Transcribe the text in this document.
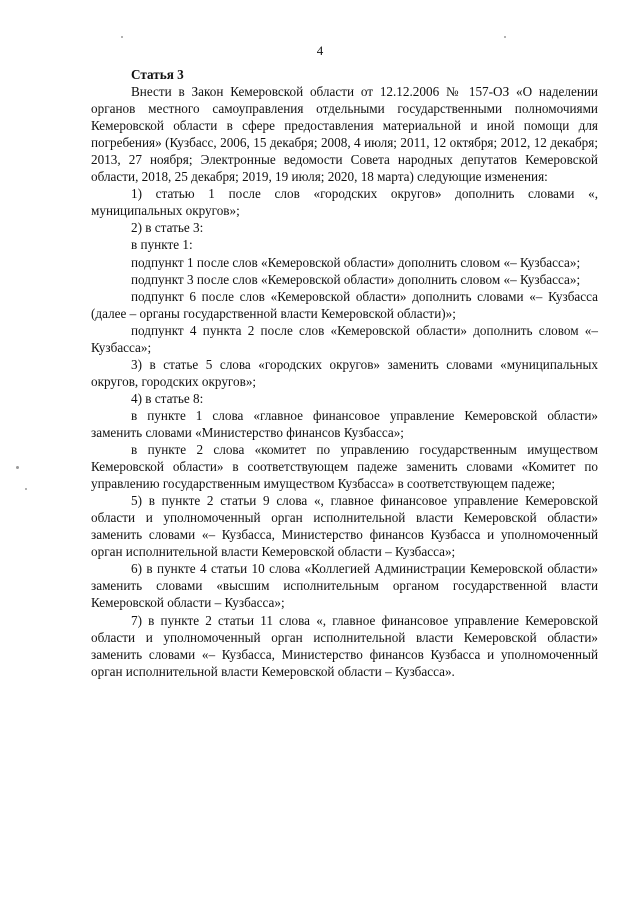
4

Статья 3

Внести в Закон Кемеровской области от 12.12.2006 № 157-ОЗ «О наделении органов местного самоуправления отдельными государственными полномочиями Кемеровской области в сфере предоставления материальной и иной помощи для погребения» (Кузбасс, 2006, 15 декабря; 2008, 4 июля; 2011, 12 октября; 2012, 12 декабря; 2013, 27 ноября; Электронные ведомости Совета народных депутатов Кемеровской области, 2018, 25 декабря; 2019, 19 июля; 2020, 18 марта) следующие изменения:

1) статью 1 после слов «городских округов» дополнить словами «, муниципальных округов»;

2) в статье 3:

в пункте 1:

подпункт 1 после слов «Кемеровской области» дополнить словом «– Кузбасса»;

подпункт 3 после слов «Кемеровской области» дополнить словом «– Кузбасса»;

подпункт 6 после слов «Кемеровской области» дополнить словами «– Кузбасса (далее – органы государственной власти Кемеровской области)»;

подпункт 4 пункта 2 после слов «Кемеровской области» дополнить словом «– Кузбасса»;

3) в статье 5 слова «городских округов» заменить словами «муниципальных округов, городских округов»;

4) в статье 8:

в пункте 1 слова «главное финансовое управление Кемеровской области» заменить словами «Министерство финансов Кузбасса»;

в пункте 2 слова «комитет по управлению государственным имуществом Кемеровской области» в соответствующем падеже заменить словами «Комитет по управлению государственным имуществом Кузбасса» в соответствующем падеже;

5) в пункте 2 статьи 9 слова «, главное финансовое управление Кемеровской области и уполномоченный орган исполнительной власти Кемеровской области» заменить словами «– Кузбасса, Министерство финансов Кузбасса и уполномоченный орган исполнительной власти Кемеровской области – Кузбасса»;

6) в пункте 4 статьи 10 слова «Коллегией Администрации Кемеровской области» заменить словами «высшим исполнительным органом государственной власти Кемеровской области – Кузбасса»;

7) в пункте 2 статьи 11 слова «, главное финансовое управление Кемеровской области и уполномоченный орган исполнительной власти Кемеровской области» заменить словами «– Кузбасса, Министерство финансов Кузбасса и уполномоченный орган исполнительной власти Кемеровской области – Кузбасса».
